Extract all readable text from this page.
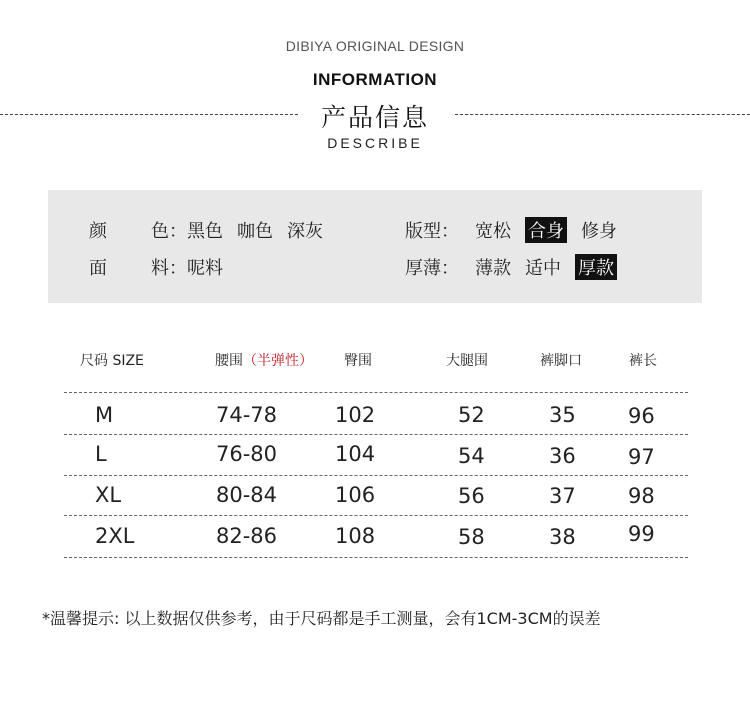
DIBIYA ORIGINAL DESIGN
INFORMATION
产品信息
DESCRIBE
颜	色： 黑色 咖色 深灰
面	料： 呢料
版型： 宽松 合身 修身
厚薄： 薄款 适中 厚款
尺码 SIZE	腰围（半弹性） 臀围	大腿围	裤脚口	裤长
M	74-78	102	52	35 96
L	76-80	104	54	36 97
XL	80-84	106	56	37 98
2XL	82-86	108	58	38 99
*温馨提示: 以上数据仅供参考，由于尺码都是手工测量，会有1CM-3CM的误差
